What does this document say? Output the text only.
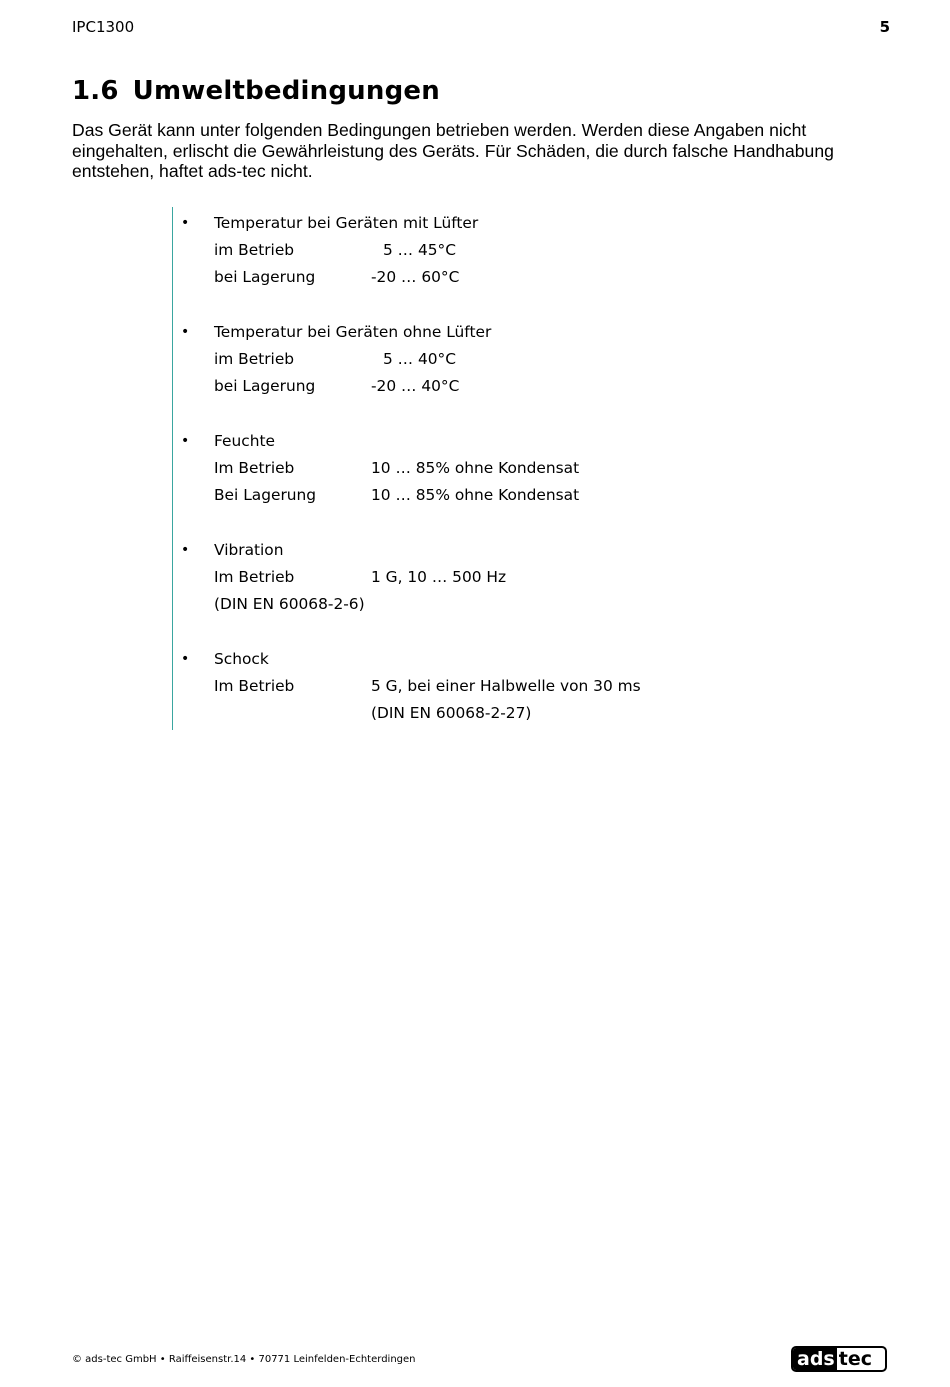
IPC1300	5
1.6 Umweltbedingungen

Das Gerät kann unter folgenden Bedingungen betrieben werden. Werden diese Angaben nicht eingehalten, erlischt die Gewährleistung des Geräts. Für Schäden, die durch falsche Handhabung entstehen, haftet ads-tec nicht.

• Temperatur bei Geräten mit Lüfter
im Betrieb	5 … 45°C
bei Lagerung	-20 … 60°C
• Temperatur bei Geräten ohne Lüfter
im Betrieb	5 … 40°C
bei Lagerung	-20 … 40°C
• Feuchte
Im Betrieb	10 … 85% ohne Kondensat
Bei Lagerung	10 … 85% ohne Kondensat
• Vibration
Im Betrieb	1 G, 10 … 500 Hz
(DIN EN 60068-2-6)
• Schock
Im Betrieb	5 G, bei einer Halbwelle von 30 ms
(DIN EN 60068-2-27)
© ads-tec GmbH • Raiffeisenstr.14 • 70771 Leinfelden-Echterdingen	ads tec
